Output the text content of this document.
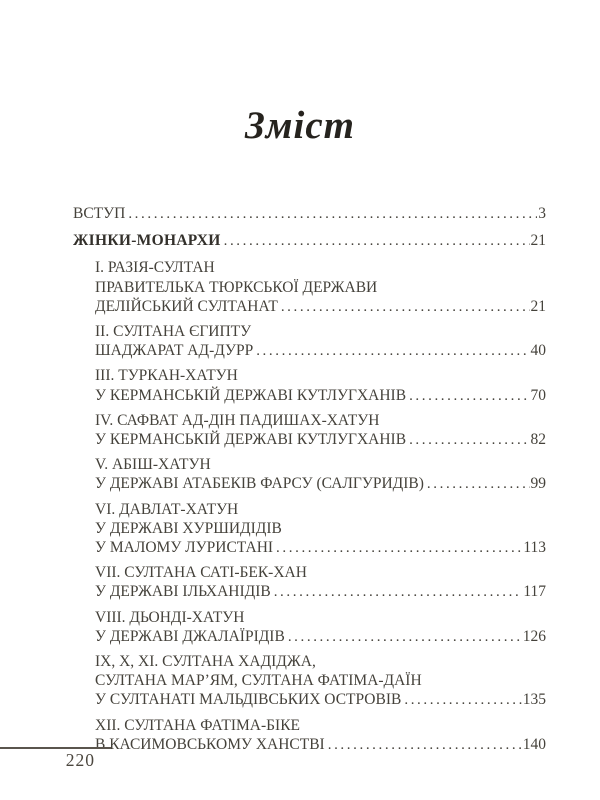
Зміст
ВСТУП .....	3
ЖІНКИ-МОНАРХИ .....	21
I. РАЗІЯ-СУЛТАН
ПРАВИТЕЛЬКА ТЮРКСЬКОЇ ДЕРЖАВИ
ДЕЛІЙСЬКИЙ СУЛТАНАТ .....	21
II. СУЛТАНА ЄГИПТУ
ШАДЖАРАТ АД-ДУРР .....	40
III. ТУРКАН-ХАТУН
У КЕРМАНСЬКІЙ ДЕРЖАВІ КУТЛУГХАНІВ .....	70
IV. САФВАТ АД-ДІН ПАДИШАХ-ХАТУН
У КЕРМАНСЬКІЙ ДЕРЖАВІ КУТЛУГХАНІВ .....	82
V. АБІШ-ХАТУН
У ДЕРЖАВІ АТАБЕКІВ ФАРСУ (САЛГУРИДІВ) .....	99
VI. ДАВЛАТ-ХАТУН
У ДЕРЖАВІ ХУРШИДІДІВ
У МАЛОМУ ЛУРИСТАНІ .....	113
VII. СУЛТАНА САТІ-БЕК-ХАН
У ДЕРЖАВІ ІЛЬХАНІДІВ .....	117
VIII. ДЬОНДІ-ХАТУН
У ДЕРЖАВІ ДЖАЛАЇРІДІВ .....	126
IX, X, XI. СУЛТАНА ХАДІДЖА,
СУЛТАНА МАР’ЯМ, СУЛТАНА ФАТІМА-ДАЇН
У СУЛТАНАТІ МАЛЬДІВСЬКИХ ОСТРОВІВ .....	135
XII. СУЛТАНА ФАТІМА-БІКЕ
В КАСИМОВСЬКОМУ ХАНСТВІ .....	140
220
